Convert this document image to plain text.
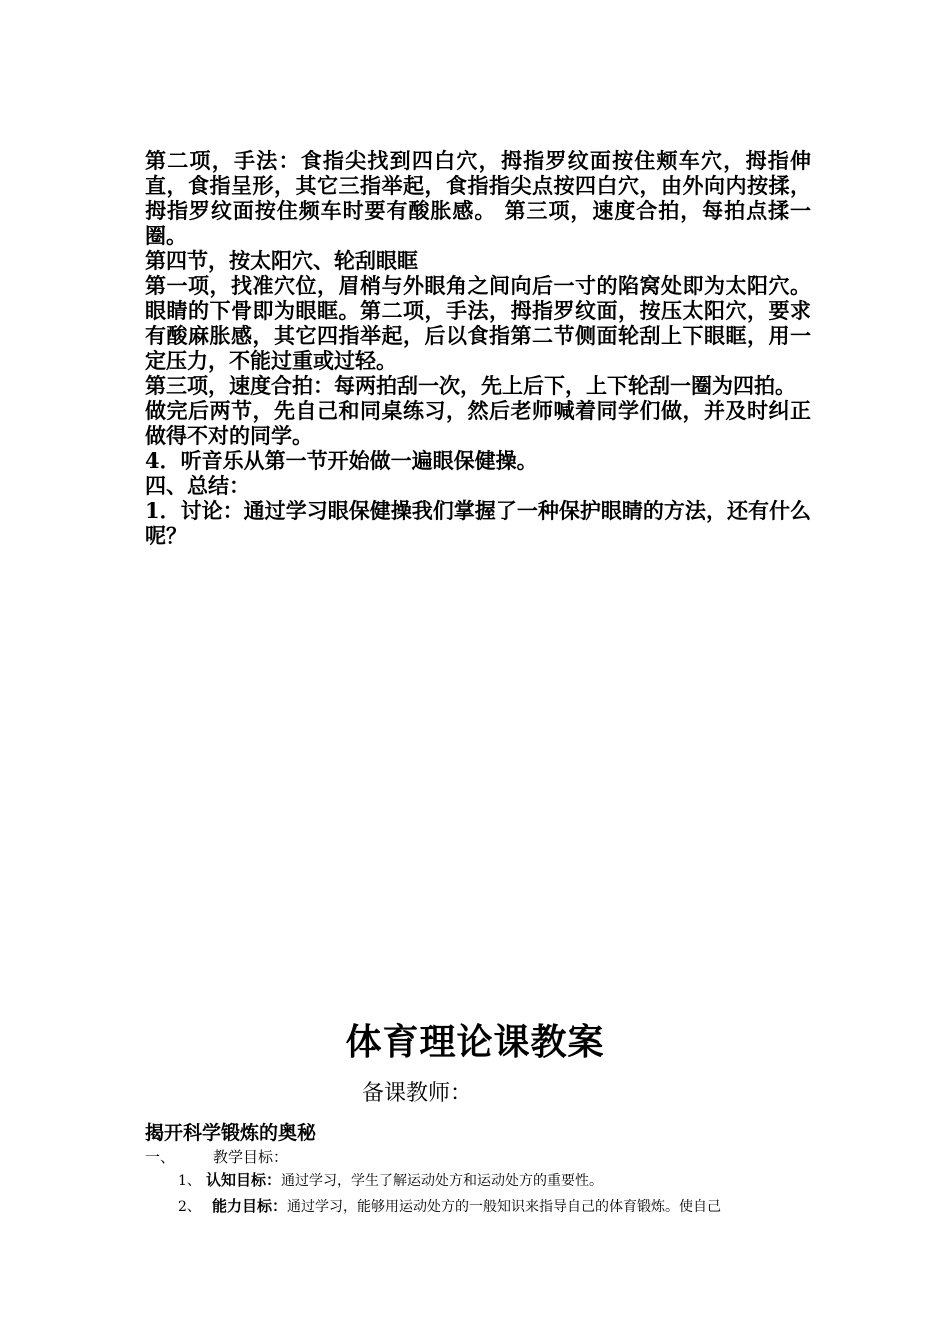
第二项，手法：食指尖找到四白穴，拇指罗纹面按住颊车穴，拇指伸直，食指呈形，其它三指举起，食指指尖点按四白穴，由外向内按揉，拇指罗纹面按住频车时要有酸胀感。 第三项，速度合拍，每拍点揉一圈。

第四节，按太阳穴、轮刮眼眶

第一项，找准穴位，眉梢与外眼角之间向后一寸的陷窝处即为太阳穴。眼睛的下骨即为眼眶。第二项，手法，拇指罗纹面，按压太阳穴，要求有酸麻胀感，其它四指举起，后以食指第二节侧面轮刮上下眼眶，用一定压力，不能过重或过轻。

第三项，速度合拍：每两拍刮一次，先上后下，上下轮刮一圈为四拍。

做完后两节，先自己和同桌练习，然后老师喊着同学们做，并及时纠正做得不对的同学。

4．听音乐从第一节开始做一遍眼保健操。

四、总结：

1．讨论：通过学习眼保健操我们掌握了一种保护眼睛的方法，还有什么呢？

体育理论课教案
备课教师：
揭开科学锻炼的奥秘
一、	教学目标：
1、 认知目标：通过学习，学生了解运动处方和运动处方的重要性。
2、 能力目标：通过学习，能够用运动处方的一般知识来指导自己的体育锻炼。使自己
